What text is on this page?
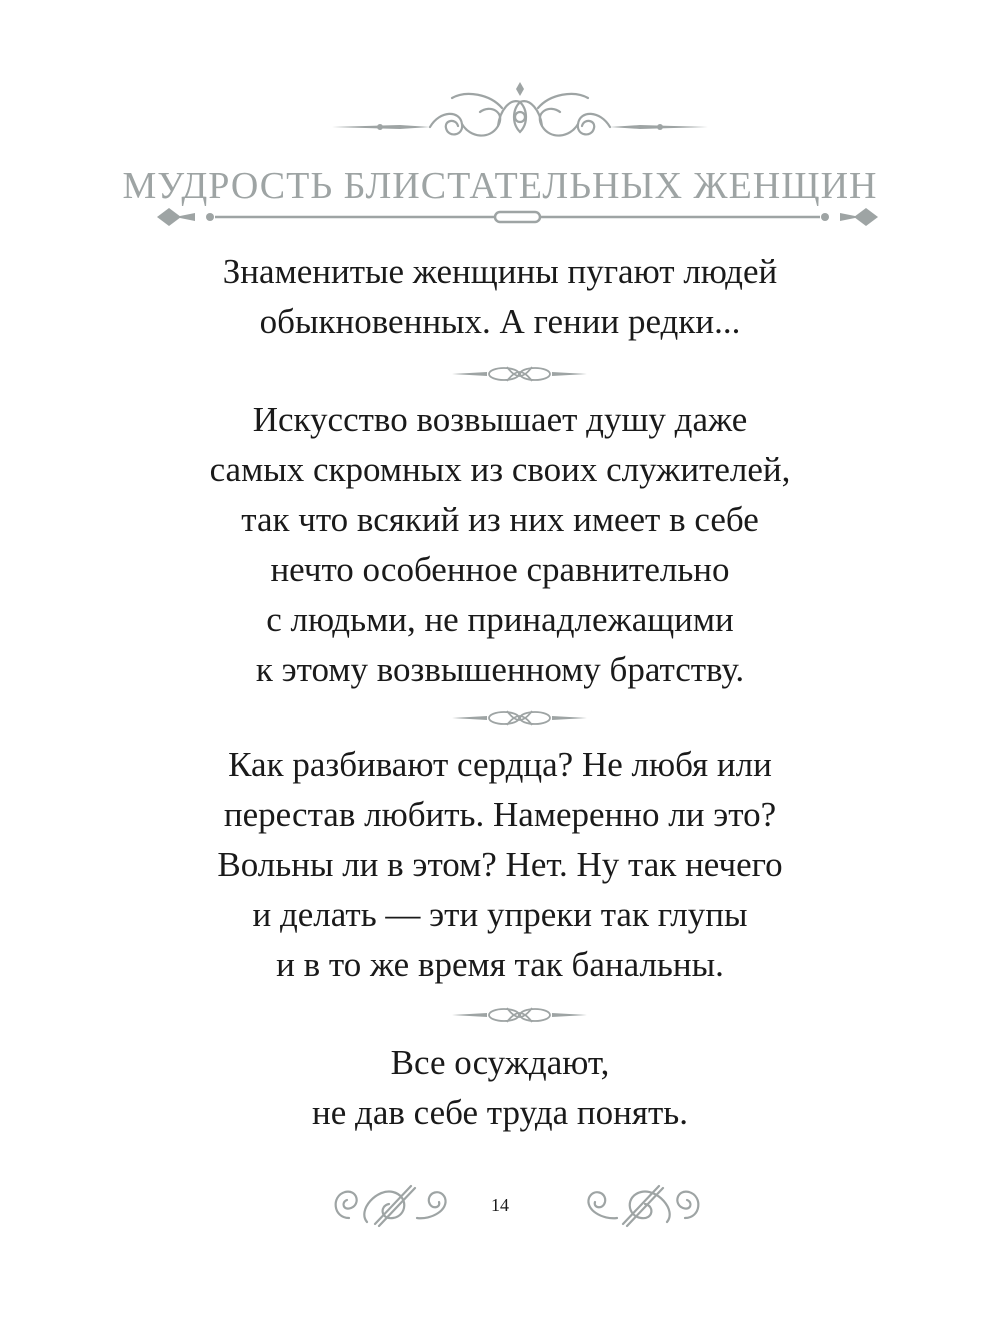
МУДРОСТЬ БЛИСТАТЕЛЬНЫХ ЖЕНЩИН
Знаменитые женщины пугают людей
обыкновенных. А гении редки...
Искусство возвышает душу даже
самых скромных из своих служителей,
так что всякий из них имеет в себе
нечто особенное сравнительно
с людьми, не принадлежащими
к этому возвышенному братству.
Как разбивают сердца? Не любя или
перестав любить. Намеренно ли это?
Вольны ли в этом? Нет. Ну так нечего
и делать — эти упреки так глупы
и в то же время так банальны.
Все осуждают,
не дав себе труда понять.
14
